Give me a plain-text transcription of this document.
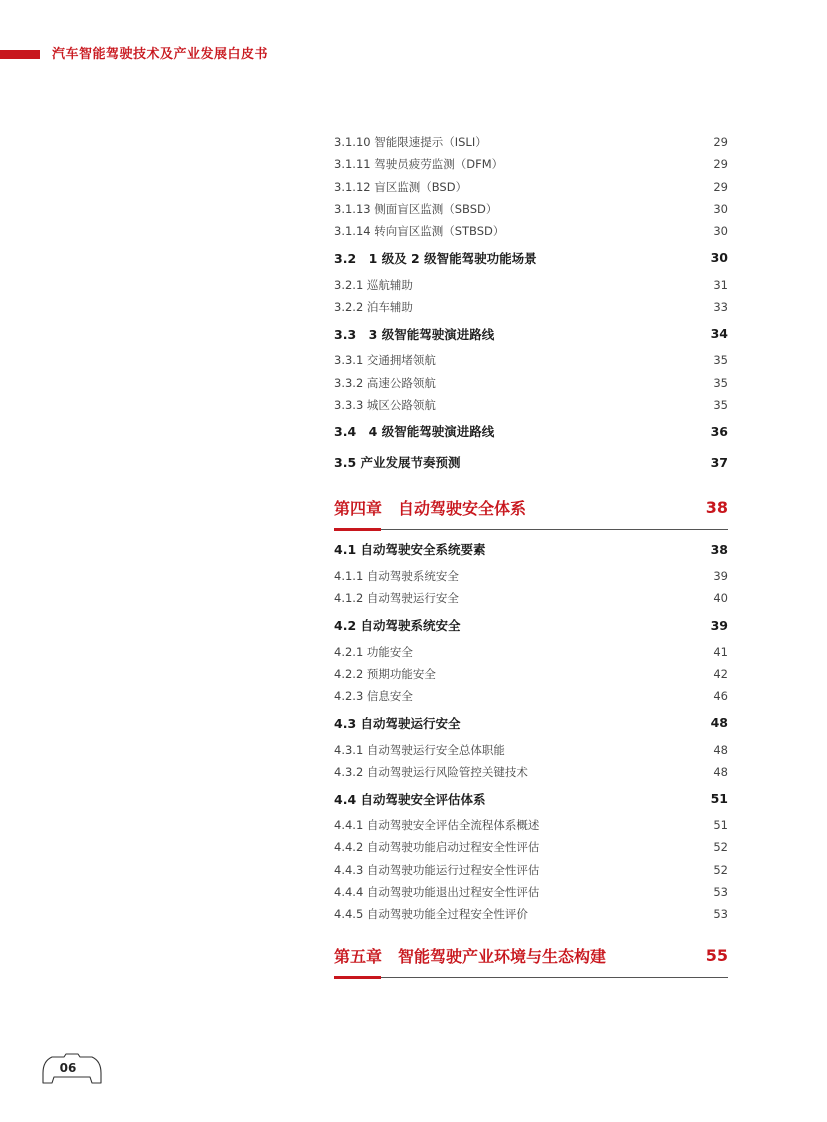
汽车智能驾驶技术及产业发展白皮书
3.1.10 智能限速提示（ISLI）	29
3.1.11 驾驶员疲劳监测（DFM）	29
3.1.12 盲区监测（BSD）	29
3.1.13 侧面盲区监测（SBSD）	30
3.1.14 转向盲区监测（STBSD）	30
3.2　1 级及 2 级智能驾驶功能场景	30
3.2.1 巡航辅助	31
3.2.2 泊车辅助	33
3.3　3 级智能驾驶演进路线	34
3.3.1 交通拥堵领航	35
3.3.2 高速公路领航	35
3.3.3 城区公路领航	35
3.4　4 级智能驾驶演进路线	36
3.5 产业发展节奏预测	37
第四章　自动驾驶安全体系	38
4.1 自动驾驶安全系统要素	38
4.1.1 自动驾驶系统安全	39
4.1.2 自动驾驶运行安全	40
4.2 自动驾驶系统安全	39
4.2.1 功能安全	41
4.2.2 预期功能安全	42
4.2.3 信息安全	46
4.3 自动驾驶运行安全	48
4.3.1 自动驾驶运行安全总体职能	48
4.3.2 自动驾驶运行风险管控关键技术	48
4.4 自动驾驶安全评估体系	51
4.4.1 自动驾驶安全评估全流程体系概述	51
4.4.2 自动驾驶功能启动过程安全性评估	52
4.4.3 自动驾驶功能运行过程安全性评估	52
4.4.4 自动驾驶功能退出过程安全性评估	53
4.4.5 自动驾驶功能全过程安全性评价	53
第五章　智能驾驶产业环境与生态构建	55
06
